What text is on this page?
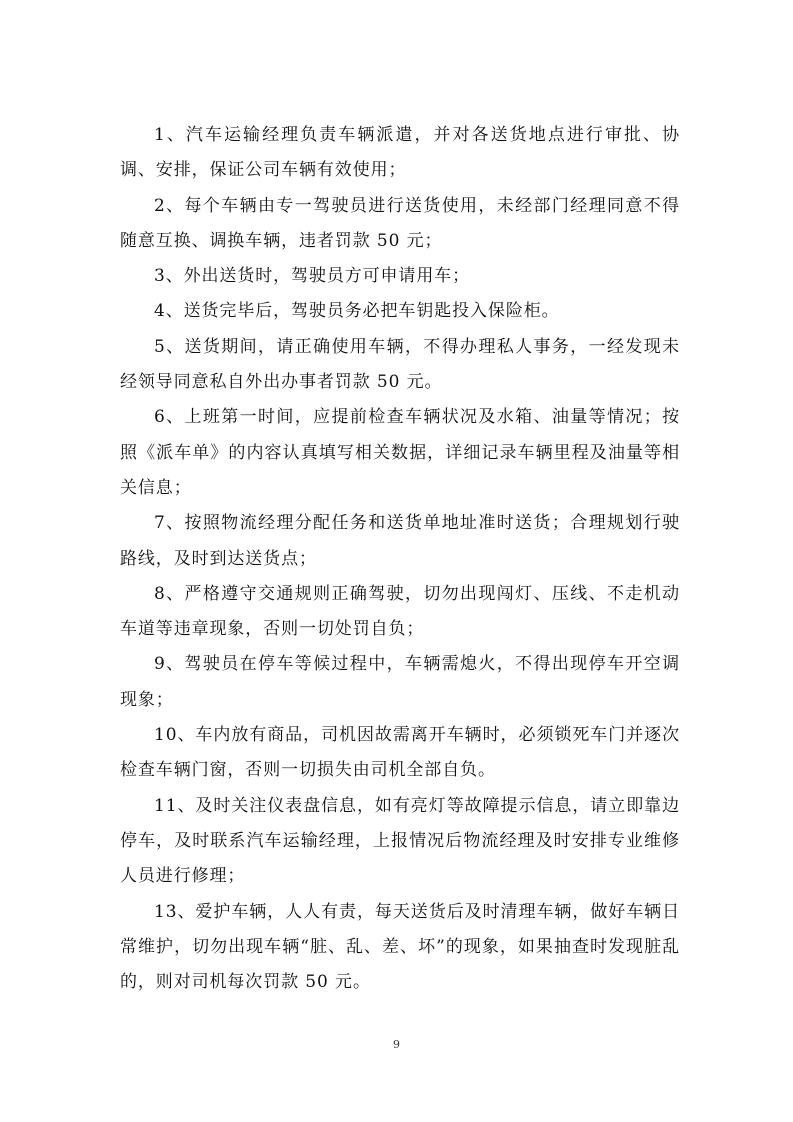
1、汽车运输经理负责车辆派遣，并对各送货地点进行审批、协调、安排，保证公司车辆有效使用；

2、每个车辆由专一驾驶员进行送货使用，未经部门经理同意不得随意互换、调换车辆，违者罚款 50 元；

3、外出送货时，驾驶员方可申请用车；

4、送货完毕后，驾驶员务必把车钥匙投入保险柜。

5、送货期间，请正确使用车辆，不得办理私人事务，一经发现未经领导同意私自外出办事者罚款 50 元。

6、上班第一时间，应提前检查车辆状况及水箱、油量等情况；按照《派车单》的内容认真填写相关数据，详细记录车辆里程及油量等相关信息；

7、按照物流经理分配任务和送货单地址准时送货；合理规划行驶路线，及时到达送货点；

8、严格遵守交通规则正确驾驶，切勿出现闯灯、压线、不走机动车道等违章现象，否则一切处罚自负；

9、驾驶员在停车等候过程中，车辆需熄火，不得出现停车开空调现象；

10、车内放有商品，司机因故需离开车辆时，必须锁死车门并逐次检查车辆门窗，否则一切损失由司机全部自负。

11、及时关注仪表盘信息，如有亮灯等故障提示信息，请立即靠边停车，及时联系汽车运输经理，上报情况后物流经理及时安排专业维修人员进行修理；

13、爱护车辆，人人有责，每天送货后及时清理车辆，做好车辆日常维护，切勿出现车辆“脏、乱、差、坏”的现象，如果抽查时发现脏乱的，则对司机每次罚款 50 元。

9
